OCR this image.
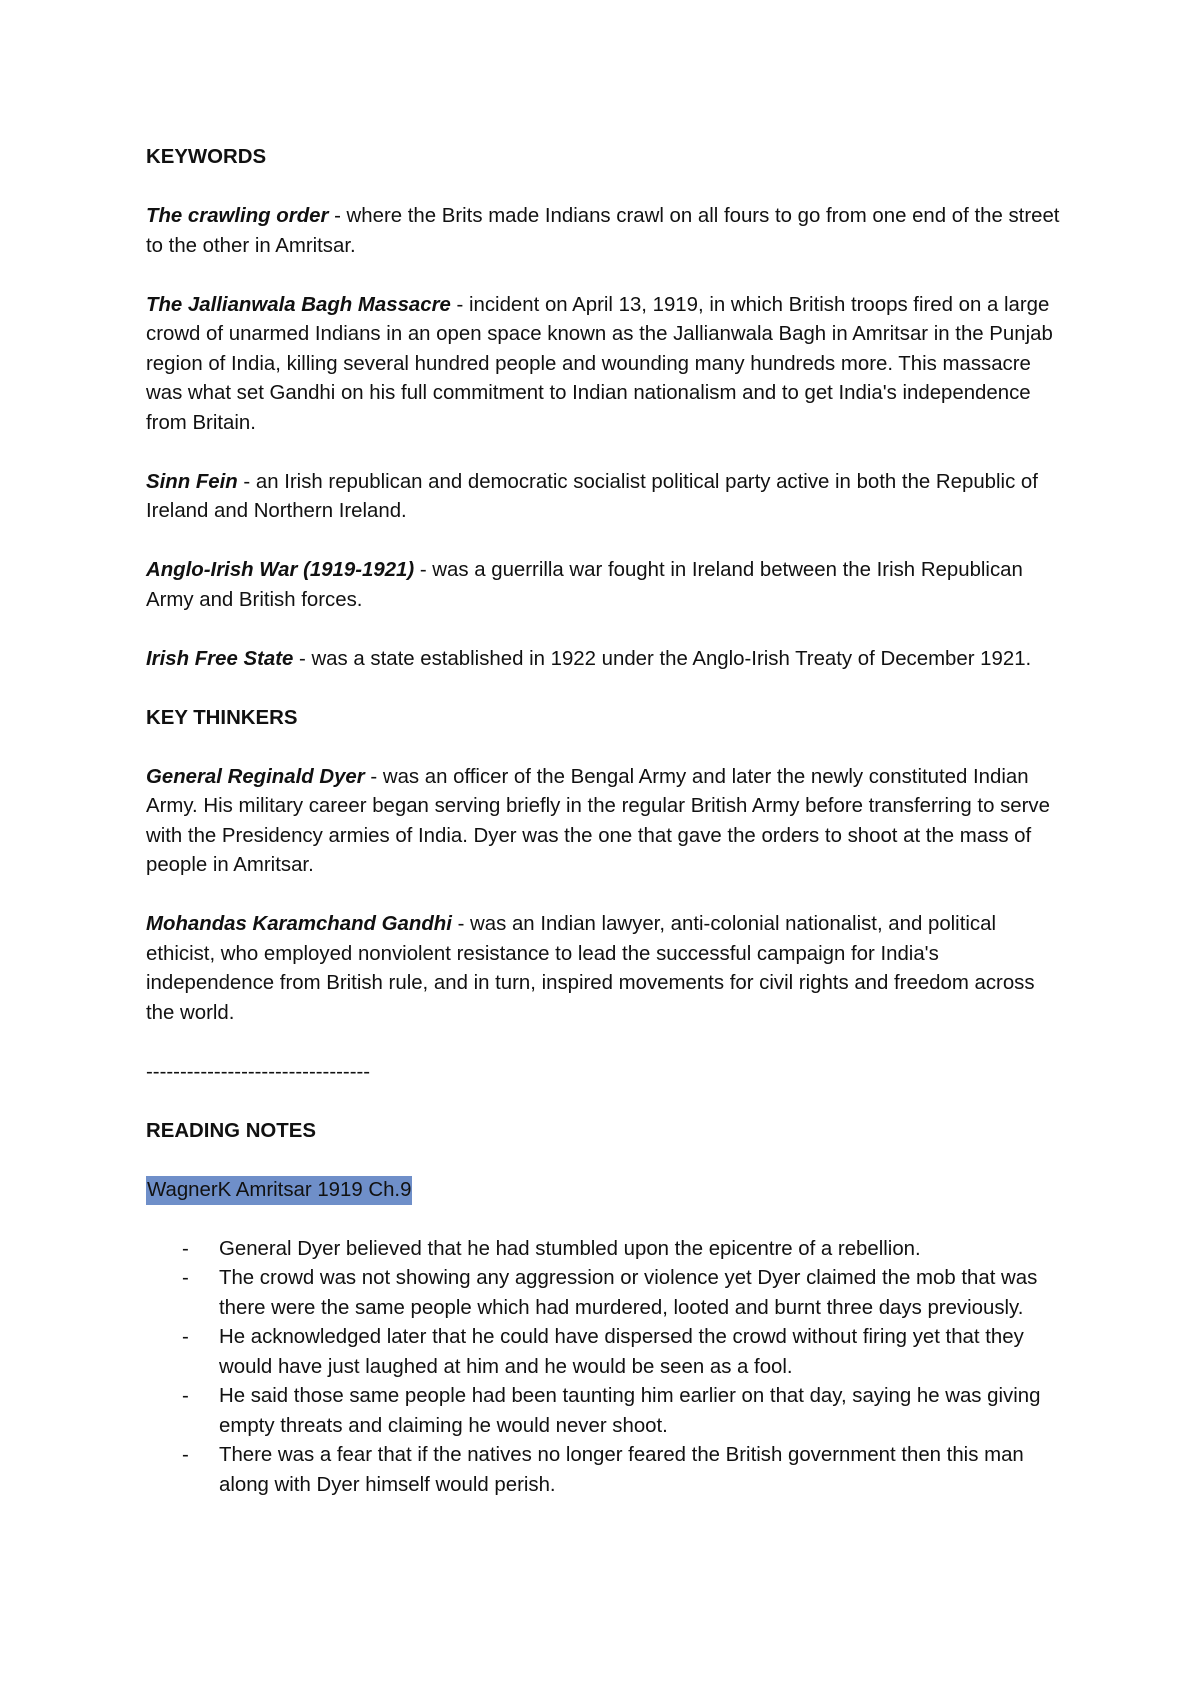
KEYWORDS

The crawling order - where the Brits made Indians crawl on all fours to go from one end of the street to the other in Amritsar.

The Jallianwala Bagh Massacre - incident on April 13, 1919, in which British troops fired on a large crowd of unarmed Indians in an open space known as the Jallianwala Bagh in Amritsar in the Punjab region of India, killing several hundred people and wounding many hundreds more. This massacre was what set Gandhi on his full commitment to Indian nationalism and to get India's independence from Britain.

Sinn Fein - an Irish republican and democratic socialist political party active in both the Republic of Ireland and Northern Ireland.

Anglo-Irish War (1919-1921) - was a guerrilla war fought in Ireland between the Irish Republican Army and British forces.

Irish Free State - was a state established in 1922 under the Anglo-Irish Treaty of December 1921.

KEY THINKERS

General Reginald Dyer - was an officer of the Bengal Army and later the newly constituted Indian Army. His military career began serving briefly in the regular British Army before transferring to serve with the Presidency armies of India. Dyer was the one that gave the orders to shoot at the mass of people in Amritsar.

Mohandas Karamchand Gandhi - was an Indian lawyer, anti-colonial nationalist, and political ethicist, who employed nonviolent resistance to lead the successful campaign for India's independence from British rule, and in turn, inspired movements for civil rights and freedom across the world.

---------------------------------

READING NOTES

WagnerK Amritsar 1919 Ch.9

- General Dyer believed that he had stumbled upon the epicentre of a rebellion.
- The crowd was not showing any aggression or violence yet Dyer claimed the mob that was there were the same people which had murdered, looted and burnt three days previously.
- He acknowledged later that he could have dispersed the crowd without firing yet that they would have just laughed at him and he would be seen as a fool.
- He said those same people had been taunting him earlier on that day, saying he was giving empty threats and claiming he would never shoot.
- There was a fear that if the natives no longer feared the British government then this man along with Dyer himself would perish.
